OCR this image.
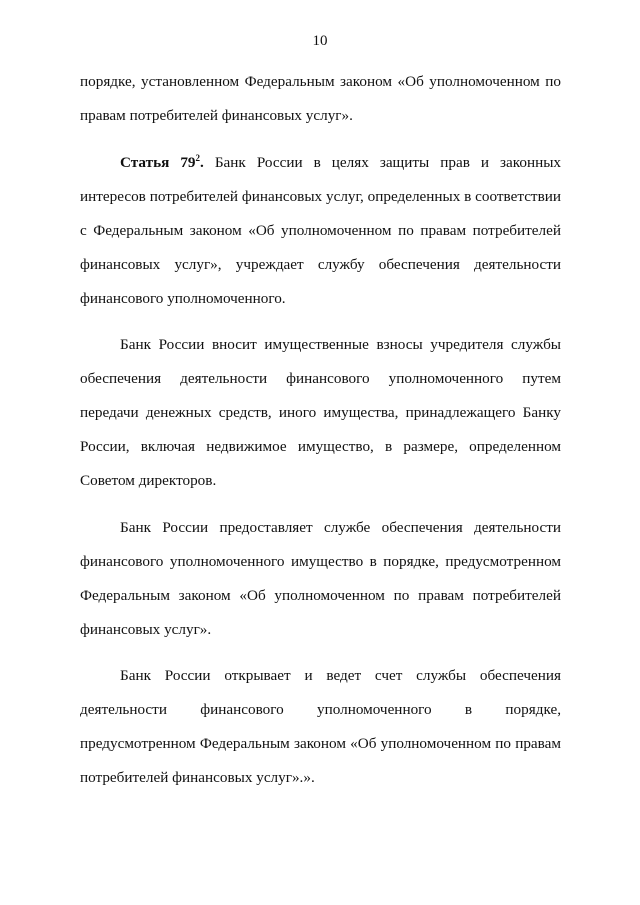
10

порядке, установленном Федеральным законом «Об уполномоченном по правам потребителей финансовых услуг».

Статья $79^2$. Банк России в целях защиты прав и законных интересов потребителей финансовых услуг, определенных в соответствии с Федеральным законом «Об уполномоченном по правам потребителей финансовых услуг», учреждает службу обеспечения деятельности финансового уполномоченного.

Банк России вносит имущественные взносы учредителя службы обеспечения деятельности финансового уполномоченного путем передачи денежных средств, иного имущества, принадлежащего Банку России, включая недвижимое имущество, в размере, определенном Советом директоров.

Банк России предоставляет службе обеспечения деятельности финансового уполномоченного имущество в порядке, предусмотренном Федеральным законом «Об уполномоченном по правам потребителей финансовых услуг».

Банк России открывает и ведет счет службы обеспечения деятельности финансового уполномоченного в порядке, предусмотренном Федеральным законом «Об уполномоченном по правам потребителей финансовых услуг».».
